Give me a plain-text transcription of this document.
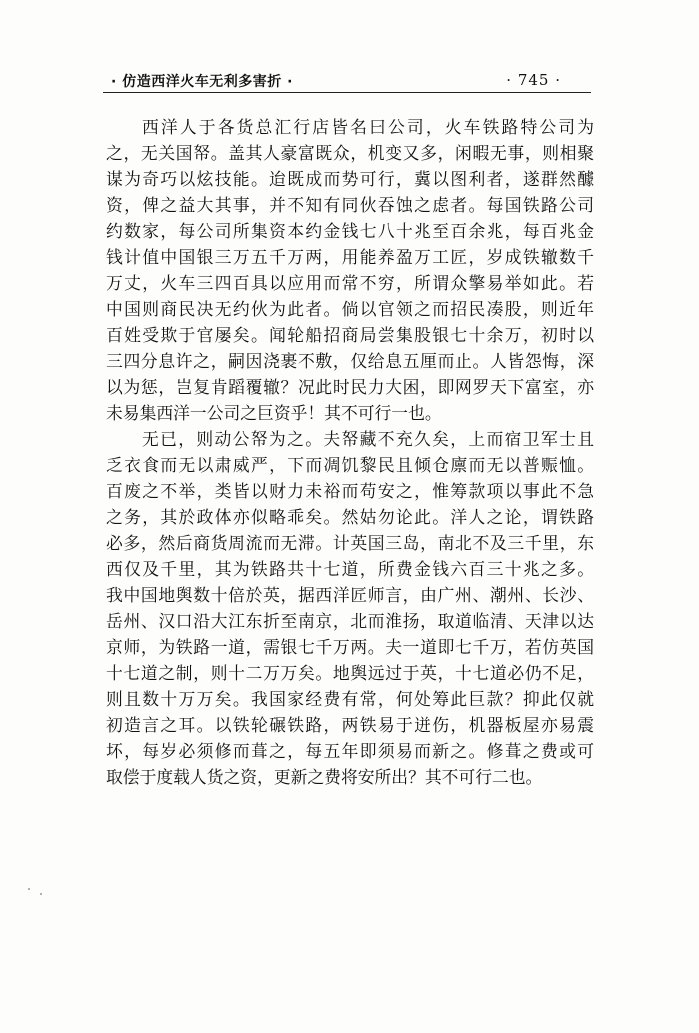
· 仿造西洋火车无利多害折 ·	· 745 ·
西洋人于各货总汇行店皆名曰公司，火车铁路特公司为
之，无关国帑。盖其人豪富既众，机变又多，闲暇无事，则相聚
谋为奇巧以炫技能。迨既成而势可行，冀以图利者，遂群然醵
资，俾之益大其事，并不知有同伙吞蚀之虑者。每国铁路公司
约数家，每公司所集资本约金钱七八十兆至百余兆，每百兆金
钱计值中国银三万五千万两，用能养盈万工匠，岁成铁辙数千
万丈，火车三四百具以应用而常不穷，所谓众擎易举如此。若
中国则商民决无约伙为此者。倘以官领之而招民凑股，则近年
百姓受欺于官屡矣。闻轮船招商局尝集股银七十余万，初时以
三四分息许之，嗣因浇裹不敷，仅给息五厘而止。人皆怨悔，深
以为惩，岂复肯蹈覆辙？况此时民力大困，即网罗天下富室，亦
未易集西洋一公司之巨资乎！其不可行一也。
无已，则动公帑为之。夫帑藏不充久矣，上而宿卫军士且
乏衣食而无以肃威严，下而凋饥黎民且倾仓廪而无以普赈恤。
百废之不举，类皆以财力未裕而苟安之，惟筹款项以事此不急
之务，其於政体亦似略乖矣。然姑勿论此。洋人之论，谓铁路
必多，然后商货周流而无滞。计英国三岛，南北不及三千里，东
西仅及千里，其为铁路共十七道，所费金钱六百三十兆之多。
我中国地舆数十倍於英，据西洋匠师言，由广州、潮州、长沙、
岳州、汉口沿大江东折至南京，北而淮扬，取道临清、天津以达
京师，为铁路一道，需银七千万两。夫一道即七千万，若仿英国
十七道之制，则十二万万矣。地舆远过于英，十七道必仍不足，
则且数十万万矣。我国家经费有常，何处筹此巨款？抑此仅就
初造言之耳。以铁轮碾铁路，两铁易于迸伤，机器板屋亦易震
坏，每岁必须修而葺之，每五年即须易而新之。修葺之费或可
取偿于度载人货之资，更新之费将安所出？其不可行二也。
